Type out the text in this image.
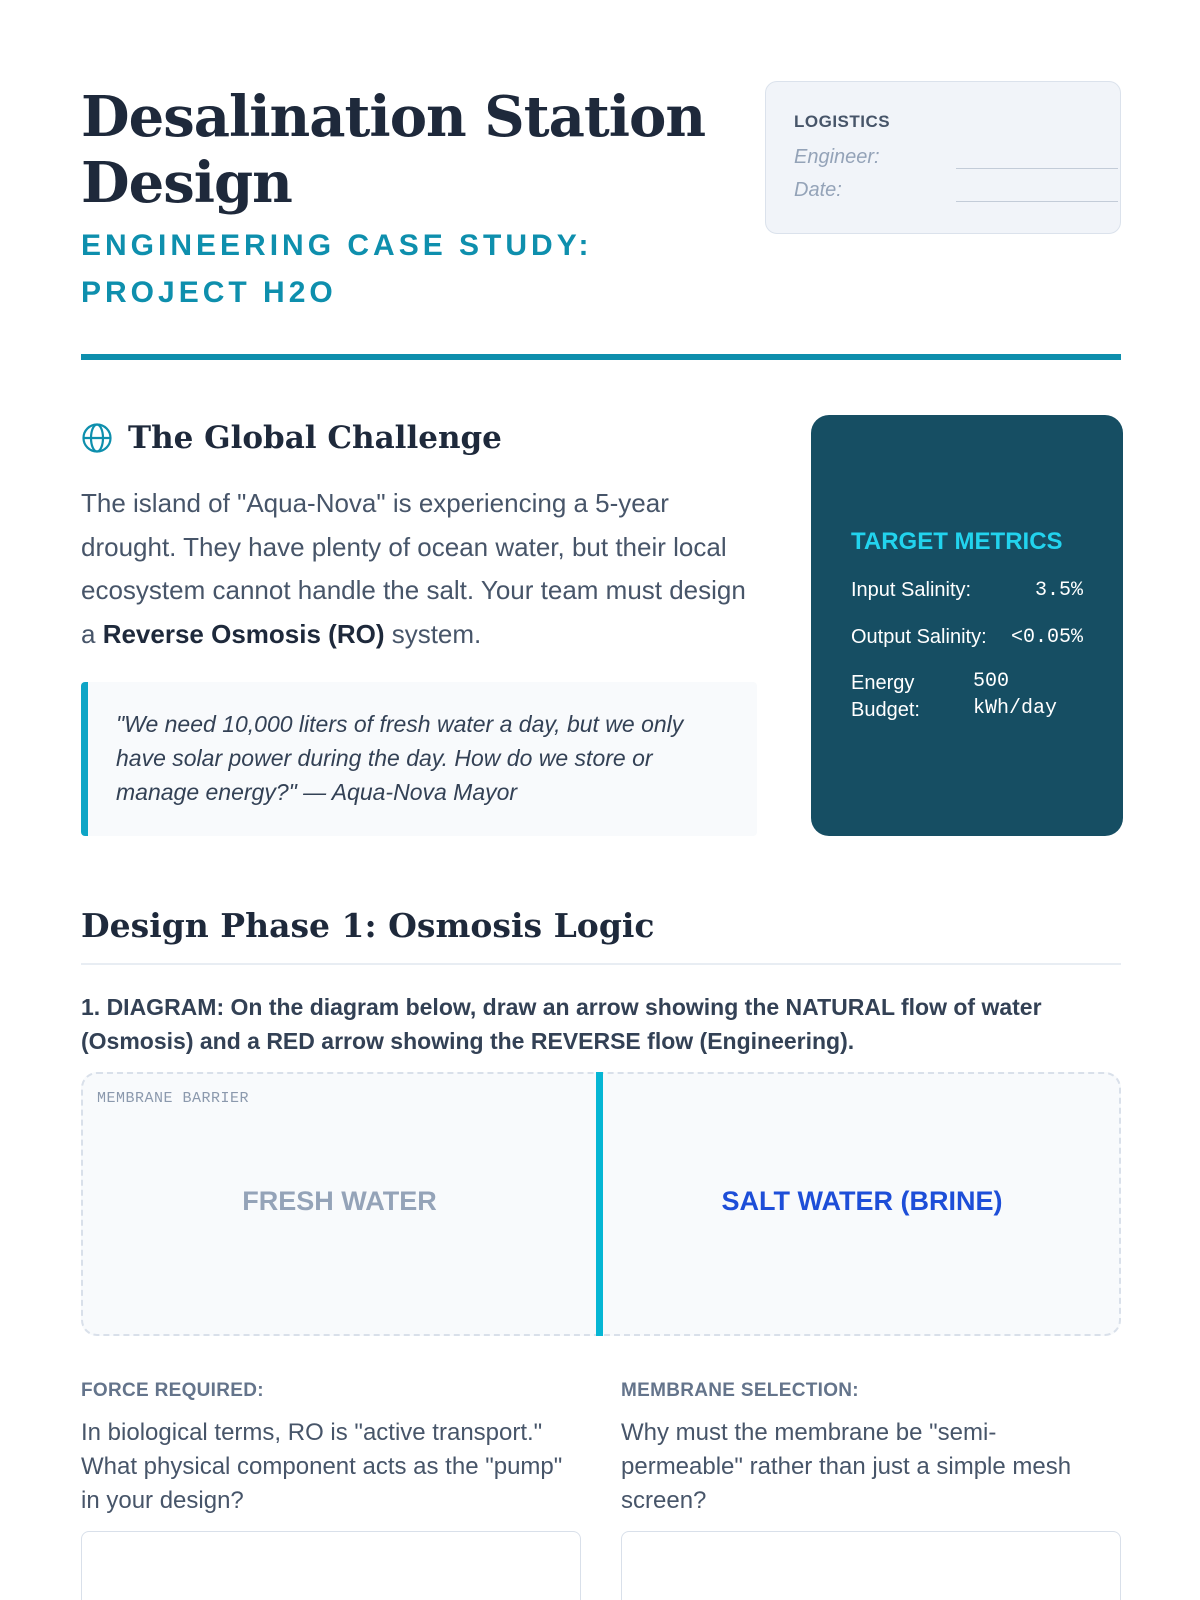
Desalination Station Design
ENGINEERING CASE STUDY: PROJECT H2O
LOGISTICS
Engineer:
Date:
The Global Challenge

The island of "Aqua-Nova" is experiencing a 5-year drought. They have plenty of ocean water, but their local ecosystem cannot handle the salt. Your team must design a Reverse Osmosis (RO) system.

"We need 10,000 liters of fresh water a day, but we only have solar power during the day. How do we store or manage energy?" — Aqua-Nova Mayor
TARGET METRICS
Input Salinity:	3.5%
Output Salinity:	<0.05%
Energy Budget:
500 kWh/day
Design Phase 1: Osmosis Logic

1. DIAGRAM: On the diagram below, draw an arrow showing the NATURAL flow of water (Osmosis) and a RED arrow showing the REVERSE flow (Engineering).

MEMBRANE BARRIER
FRESH WATER	SALT WATER (BRINE)
FORCE REQUIRED:

In biological terms, RO is "active transport." What physical component acts as the "pump" in your design?

MEMBRANE SELECTION:

Why must the membrane be "semi-permeable" rather than just a simple mesh screen?
